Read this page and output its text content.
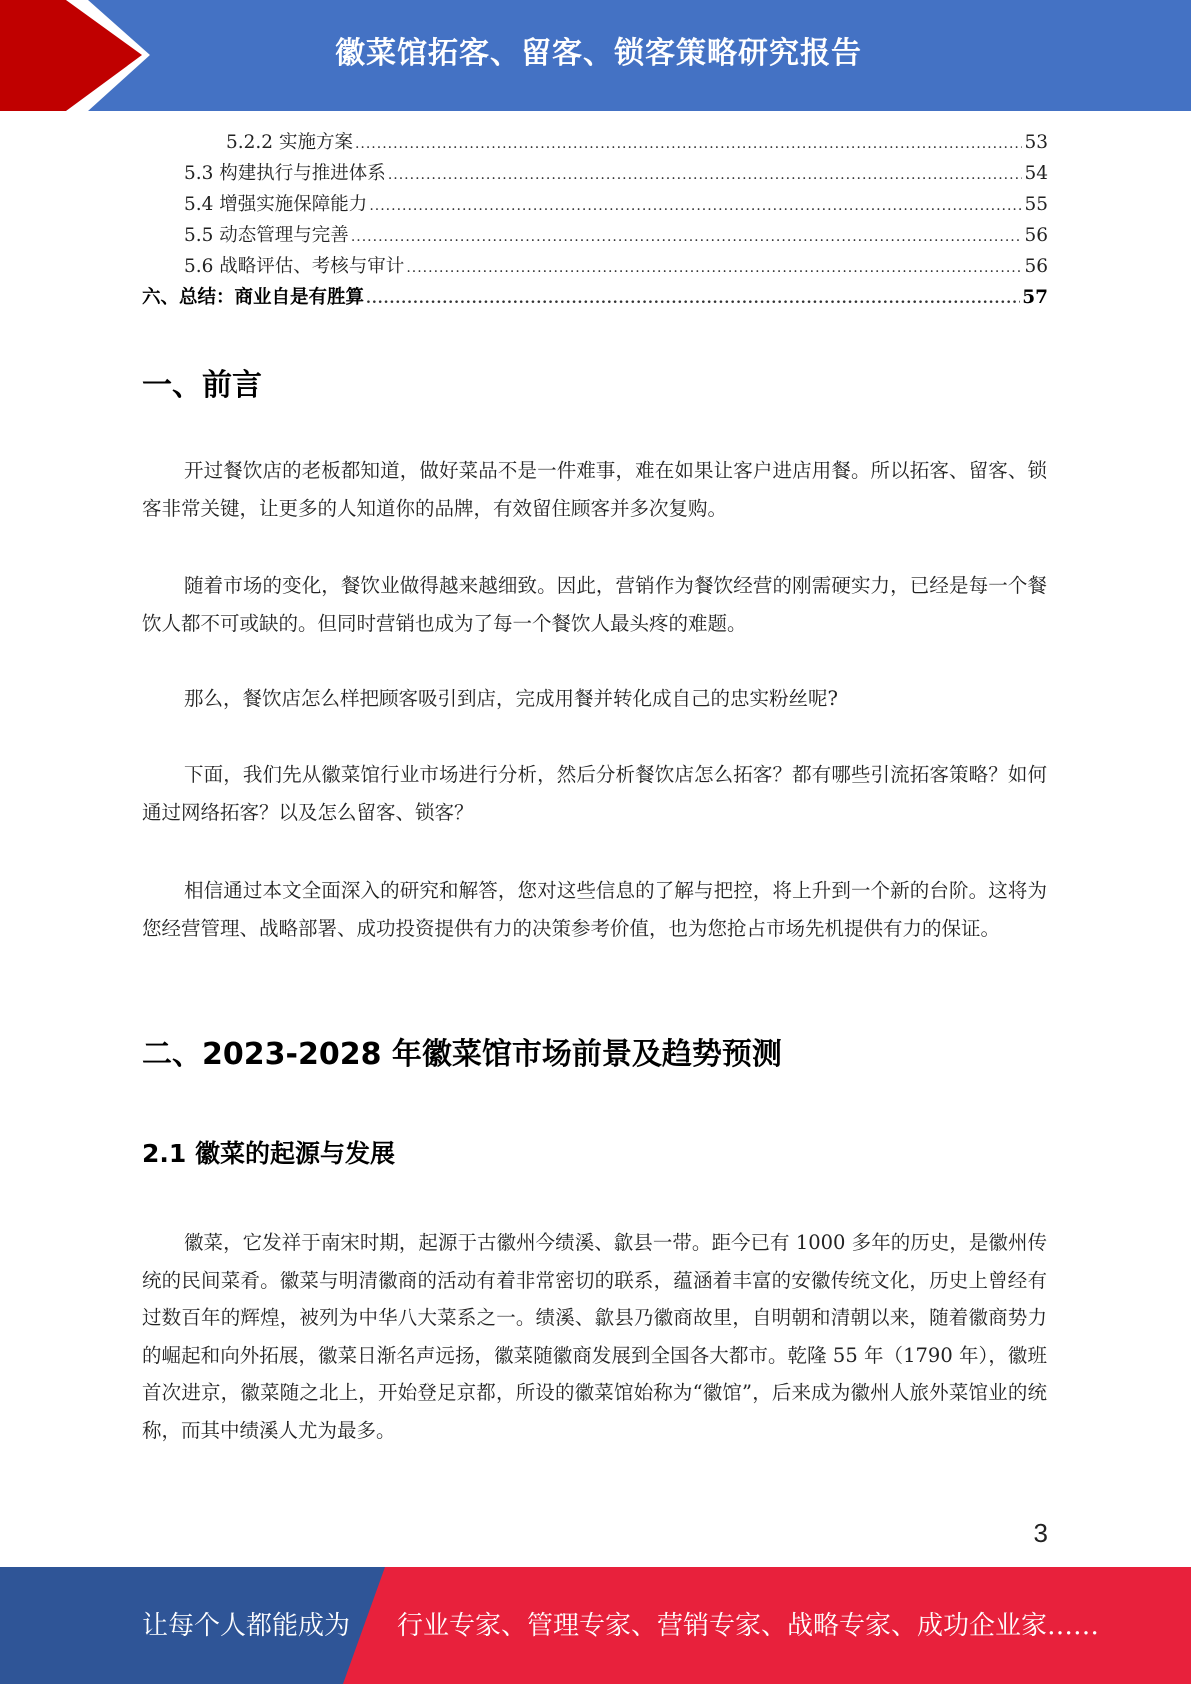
徽菜馆拓客、留客、锁客策略研究报告
5.2.2 实施方案 .....	53
5.3 构建执行与推进体系 .....	54
5.4 增强实施保障能力 .....	55
5.5 动态管理与完善 .....	56
5.6 战略评估、考核与审计 .....	56
六、总结：商业自是有胜算 .....	57
一、前言

开过餐饮店的老板都知道，做好菜品不是一件难事，难在如果让客户进店用餐。所以拓客、留客、锁客非常关键，让更多的人知道你的品牌，有效留住顾客并多次复购。

随着市场的变化，餐饮业做得越来越细致。因此，营销作为餐饮经营的刚需硬实力，已经是每一个餐饮人都不可或缺的。但同时营销也成为了每一个餐饮人最头疼的难题。

那么，餐饮店怎么样把顾客吸引到店，完成用餐并转化成自己的忠实粉丝呢?

下面，我们先从徽菜馆行业市场进行分析，然后分析餐饮店怎么拓客？都有哪些引流拓客策略？如何通过网络拓客？以及怎么留客、锁客？

相信通过本文全面深入的研究和解答，您对这些信息的了解与把控，将上升到一个新的台阶。这将为您经营管理、战略部署、成功投资提供有力的决策参考价值，也为您抢占市场先机提供有力的保证。

二、2023-2028 年徽菜馆市场前景及趋势预测
2.1 徽菜的起源与发展

徽菜，它发祥于南宋时期，起源于古徽州今绩溪、歙县一带。距今已有 1000 多年的历史，是徽州传统的民间菜肴。徽菜与明清徽商的活动有着非常密切的联系，蕴涵着丰富的安徽传统文化，历史上曾经有过数百年的辉煌，被列为中华八大菜系之一。绩溪、歙县乃徽商故里，自明朝和清朝以来，随着徽商势力的崛起和向外拓展，徽菜日渐名声远扬，徽菜随徽商发展到全国各大都市。乾隆 55 年（1790 年），徽班首次进京，徽菜随之北上，开始登足京都，所设的徽菜馆始称为“徽馆”，后来成为徽州人旅外菜馆业的统称，而其中绩溪人尤为最多。

3
让每个人都能成为 行业专家、管理专家、营销专家、战略专家、成功企业家……
